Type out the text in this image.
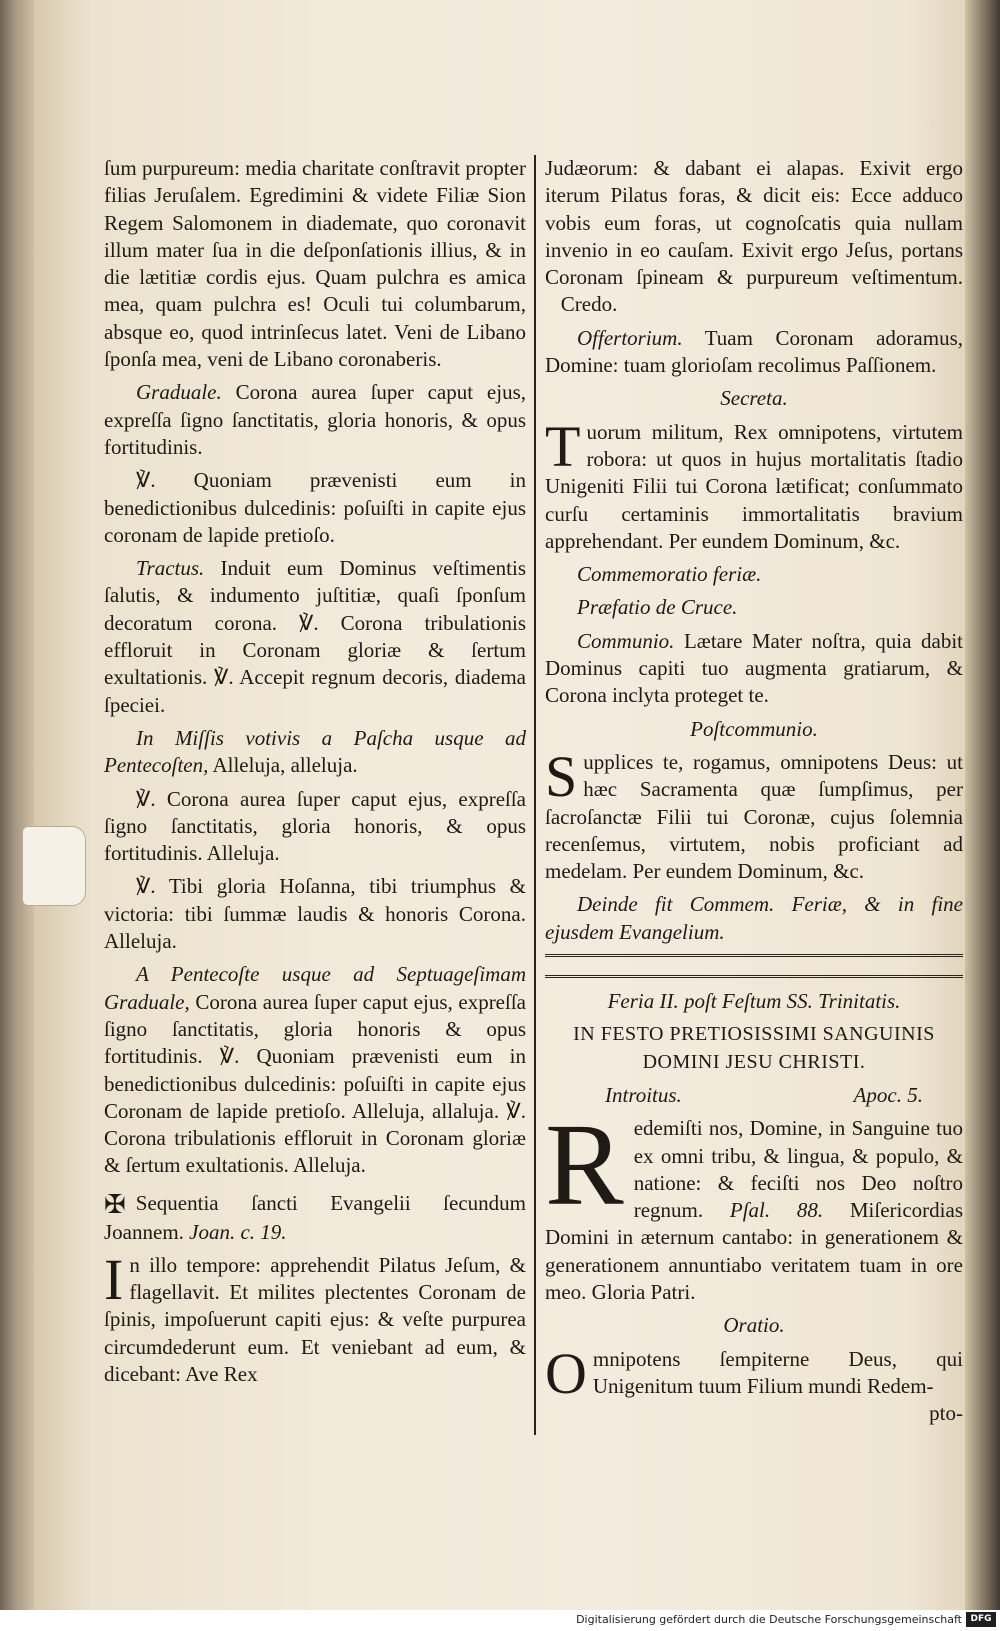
ſum purpureum: media charitate conſtravit propter filias Jeruſalem. Egredimini & videte Filiæ Sion Regem Salomonem in diademate, quo coronavit illum mater ſua in die deſponſationis illius, & in die lætitiæ cordis ejus. Quam pulchra es amica mea, quam pulchra es! Oculi tui columbarum, absque eo, quod intrinſecus latet. Veni de Libano ſponſa mea, veni de Libano coronaberis.

Graduale. Corona aurea ſuper caput ejus, expreſſa ſigno ſanctitatis, gloria honoris, & opus fortitudinis.

℣. Quoniam prævenisti eum in benedictionibus dulcedinis: poſuiſti in capite ejus coronam de lapide pretioſo.

Tractus. Induit eum Dominus veſtimentis ſalutis, & indumento juſtitiæ, quaſi ſponſum decoratum corona. ℣. Corona tribulationis effloruit in Coronam gloriæ & ſertum exultationis. ℣. Accepit regnum decoris, diadema ſpeciei.

In Miſſis votivis a Paſcha usque ad Pentecoſten, Alleluja, alleluja.

℣. Corona aurea ſuper caput ejus, expreſſa ſigno ſanctitatis, gloria honoris, & opus fortitudinis. Alleluja.

℣. Tibi gloria Hoſanna, tibi triumphus & victoria: tibi ſummæ laudis & honoris Corona. Alleluja.

A Pentecoſte usque ad Septuageſimam Graduale, Corona aurea ſuper caput ejus, expreſſa ſigno ſanctitatis, gloria honoris & opus fortitudinis. ℣. Quoniam prævenisti eum in benedictionibus dulcedinis: poſuiſti in capite ejus Coronam de lapide pretioſo. Alleluja, allaluja. ℣. Corona tribulationis effloruit in Coronam gloriæ & ſertum exultationis. Alleluja.

✠ Sequentia ſancti Evangelii ſecundum Joannem. Joan. c. 19.

In illo tempore: apprehendit Pilatus Jeſum, & flagellavit. Et milites plectentes Coronam de ſpinis, impoſuerunt capiti ejus: & veſte purpurea circumdederunt eum. Et veniebant ad eum, & dicebant: Ave Rex

Judæorum: & dabant ei alapas. Exivit ergo iterum Pilatus foras, & dicit eis: Ecce adduco vobis eum foras, ut cognoſcatis quia nullam invenio in eo cauſam. Exivit ergo Jeſus, portans Coronam ſpineam & purpureum veſtimentum.    Credo.

Offertorium. Tuam Coronam adoramus, Domine: tuam glorioſam recolimus Paſſionem.

Secreta.

Tuorum militum, Rex omnipotens, virtutem robora: ut quos in hujus mortalitatis ſtadio Unigeniti Filii tui Corona lætificat; conſummato curſu certaminis immortalitatis bravium apprehendant. Per eundem Dominum, &c.

Commemoratio feriæ.

Præfatio de Cruce.

Communio. Lætare Mater noſtra, quia dabit Dominus capiti tuo augmenta gratiarum, & Corona inclyta proteget te.

Poſtcommunio.

Supplices te, rogamus, omnipotens Deus: ut hæc Sacramenta quæ ſumpſimus, per ſacroſanctæ Filii tui Coronæ, cujus ſolemnia recenſemus, virtutem, nobis proficiant ad medelam. Per eundem Dominum, &c.

Deinde fit Commem. Feriæ, & in fine ejusdem Evangelium.

Feria II. poſt Feſtum SS. Trinitatis.

IN FESTO PRETIOSISSIMI SANGUINIS DOMINI JESU CHRISTI.

Introitus.	Apoc. 5.

Redemiſti nos, Domine, in Sanguine tuo ex omni tribu, & lingua, & populo, & natione: & feciſti nos Deo noſtro regnum. Pſal. 88. Miſericordias Domini in æternum cantabo: in generationem & generationem annuntiabo veritatem tuam in ore meo. Gloria Patri.

Oratio.

Omnipotens ſempiterne Deus, qui Unigenitum tuum Filium mundi Redem-

pto-

Digitalisierung gefördert durch die Deutsche Forschungsgemeinschaft DFG
